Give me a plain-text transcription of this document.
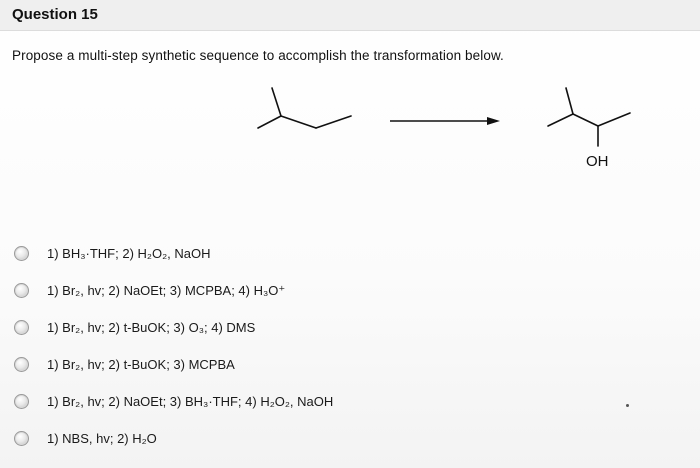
Question 15
Propose a multi-step synthetic sequence to accomplish the transformation below.
OH
1) BH₃·THF; 2) H₂O₂, NaOH
1) Br₂, hv; 2) NaOEt; 3) MCPBA; 4) H₃O⁺
1) Br₂, hv; 2) t-BuOK; 3) O₃; 4) DMS
1) Br₂, hv; 2) t-BuOK; 3) MCPBA
1) Br₂, hv; 2) NaOEt; 3) BH₃·THF; 4) H₂O₂, NaOH
1) NBS, hv; 2) H₂O
